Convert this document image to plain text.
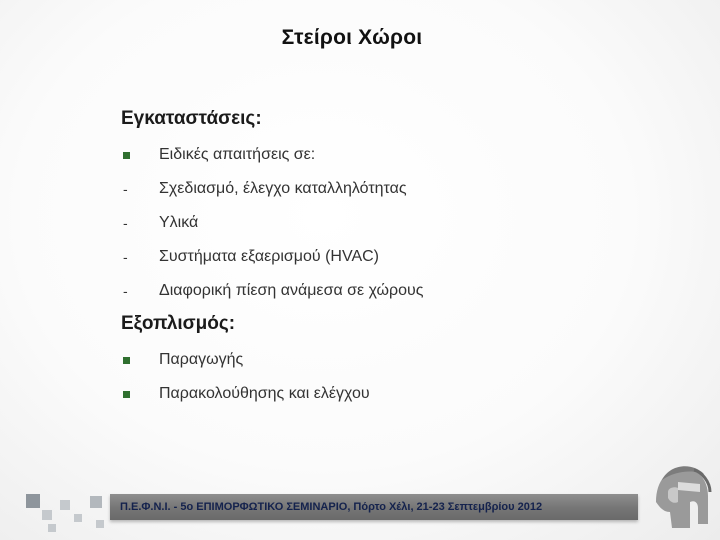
Στείροι Χώροι
Εγκαταστάσεις:
Ειδικές απαιτήσεις σε:
- Σχεδιασμό, έλεγχο καταλληλότητας
- Υλικά
- Συστήματα εξαερισμού (HVAC)
- Διαφορική πίεση ανάμεσα σε χώρους
Εξοπλισμός:
Παραγωγής
Παρακολούθησης και ελέγχου
Π.Ε.Φ.Ν.Ι. - 5ο ΕΠΙΜΟΡΦΩΤΙΚΟ ΣΕΜΙΝΑΡΙΟ, Πόρτο Χέλι, 21-23 Σεπτεμβρίου 2012
